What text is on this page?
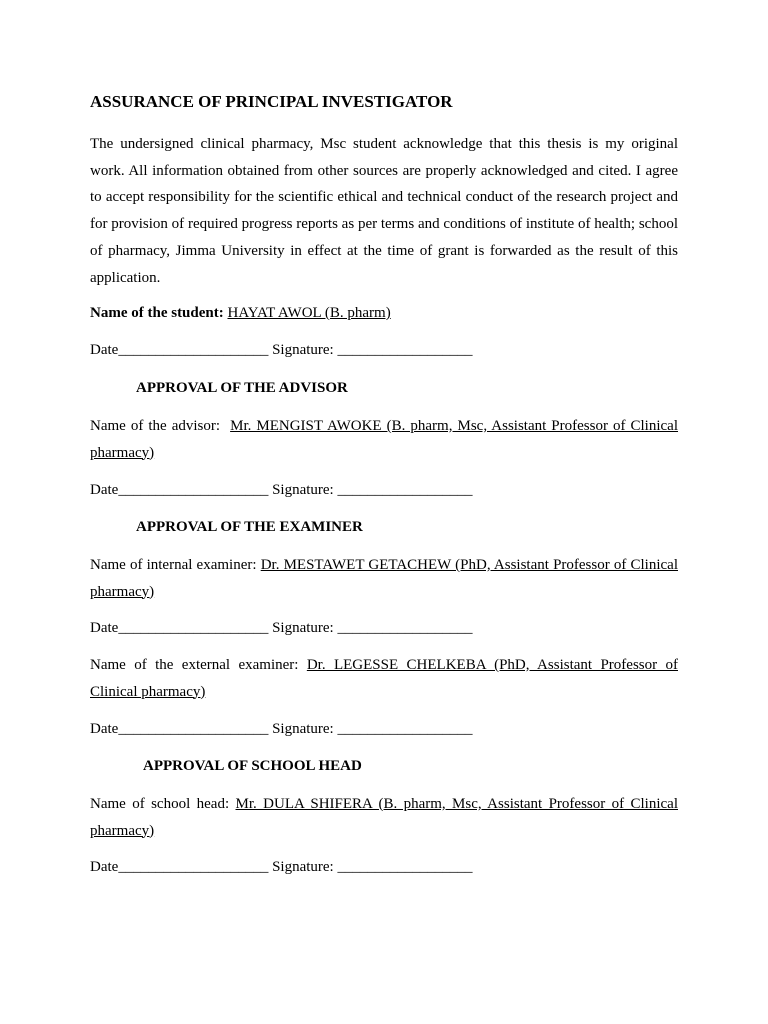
ASSURANCE OF PRINCIPAL INVESTIGATOR
The undersigned clinical pharmacy, Msc student acknowledge that this thesis is my original work. All information obtained from other sources are properly acknowledged and cited. I agree to accept responsibility for the scientific ethical and technical conduct of the research project and for provision of required progress reports as per terms and conditions of institute of health; school of pharmacy, Jimma University in effect at the time of grant is forwarded as the result of this application.
Name of the student: HAYAT AWOL (B. pharm)
Date____________________ Signature: __________________
APPROVAL OF THE ADVISOR
Name of the advisor: Mr. MENGIST AWOKE (B. pharm, Msc, Assistant Professor of Clinical pharmacy)
Date____________________ Signature: __________________
APPROVAL OF THE EXAMINER
Name of internal examiner: Dr. MESTAWET GETACHEW (PhD, Assistant Professor of Clinical pharmacy)
Date____________________ Signature: __________________
Name of the external examiner: Dr. LEGESSE CHELKEBA (PhD, Assistant Professor of Clinical pharmacy)
Date____________________ Signature: __________________
APPROVAL OF SCHOOL HEAD
Name of school head: Mr. DULA SHIFERA (B. pharm, Msc, Assistant Professor of Clinical pharmacy)
Date____________________ Signature: __________________
